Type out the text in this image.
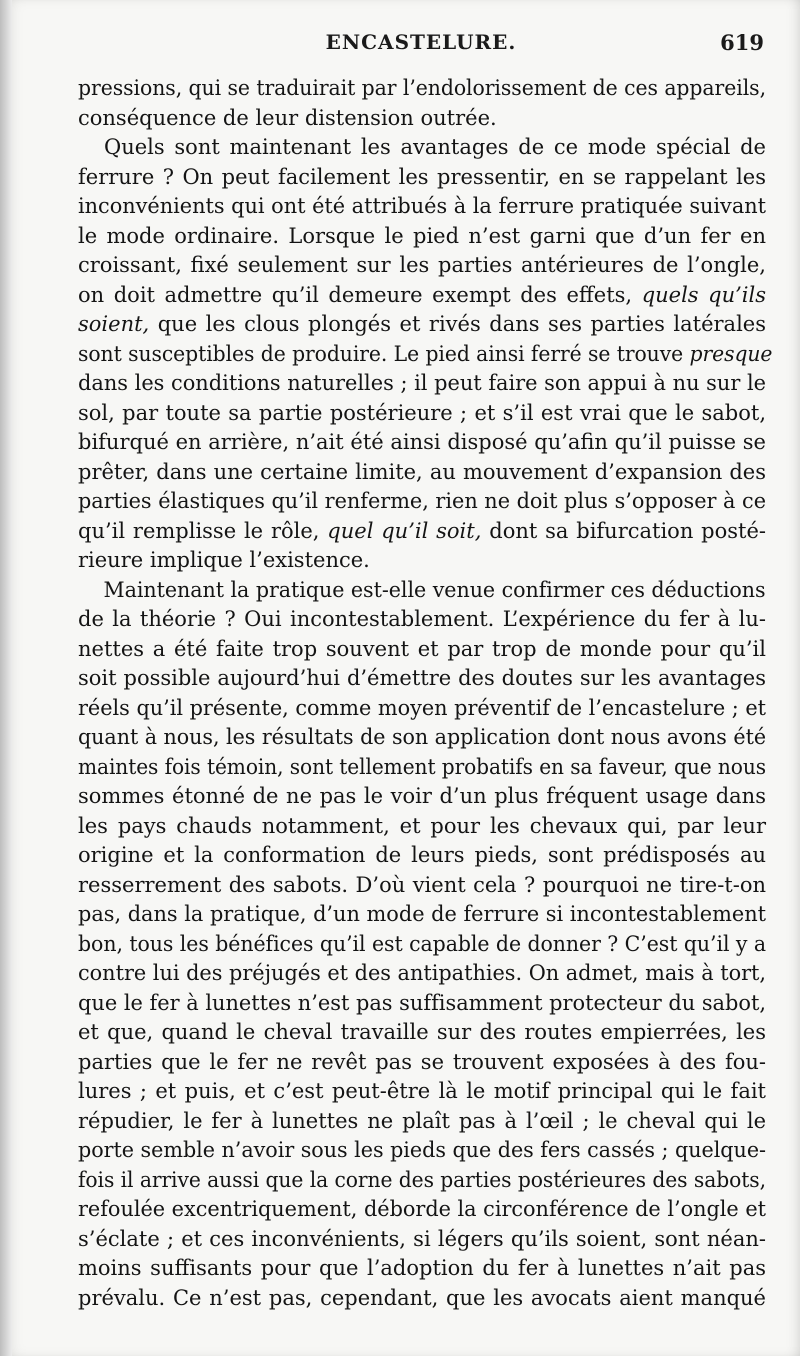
ENCASTELURE.	619
pressions, qui se traduirait par l’endolorissement de ces appareils,
conséquence de leur distension outrée.
Quels sont maintenant les avantages de ce mode spécial de
ferrure ? On peut facilement les pressentir, en se rappelant les
inconvénients qui ont été attribués à la ferrure pratiquée suivant
le mode ordinaire. Lorsque le pied n’est garni que d’un fer en
croissant, fixé seulement sur les parties antérieures de l’ongle,
on doit admettre qu’il demeure exempt des effets, quels qu’ils
soient, que les clous plongés et rivés dans ses parties latérales
sont susceptibles de produire. Le pied ainsi ferré se trouve presque
dans les conditions naturelles ; il peut faire son appui à nu sur le
sol, par toute sa partie postérieure ; et s’il est vrai que le sabot,
bifurqué en arrière, n’ait été ainsi disposé qu’afin qu’il puisse se
prêter, dans une certaine limite, au mouvement d’expansion des
parties élastiques qu’il renferme, rien ne doit plus s’opposer à ce
qu’il remplisse le rôle, quel qu’il soit, dont sa bifurcation posté-
rieure implique l’existence.
Maintenant la pratique est-elle venue confirmer ces déductions
de la théorie ? Oui incontestablement. L’expérience du fer à lu-
nettes a été faite trop souvent et par trop de monde pour qu’il
soit possible aujourd’hui d’émettre des doutes sur les avantages
réels qu’il présente, comme moyen préventif de l’encastelure ; et
quant à nous, les résultats de son application dont nous avons été
maintes fois témoin, sont tellement probatifs en sa faveur, que nous
sommes étonné de ne pas le voir d’un plus fréquent usage dans
les pays chauds notamment, et pour les chevaux qui, par leur
origine et la conformation de leurs pieds, sont prédisposés au
resserrement des sabots. D’où vient cela ? pourquoi ne tire-t-on
pas, dans la pratique, d’un mode de ferrure si incontestablement
bon, tous les bénéfices qu’il est capable de donner ? C’est qu’il y a
contre lui des préjugés et des antipathies. On admet, mais à tort,
que le fer à lunettes n’est pas suffisamment protecteur du sabot,
et que, quand le cheval travaille sur des routes empierrées, les
parties que le fer ne revêt pas se trouvent exposées à des fou-
lures ; et puis, et c’est peut-être là le motif principal qui le fait
répudier, le fer à lunettes ne plaît pas à l’œil ; le cheval qui le
porte semble n’avoir sous les pieds que des fers cassés ; quelque-
fois il arrive aussi que la corne des parties postérieures des sabots,
refoulée excentriquement, déborde la circonférence de l’ongle et
s’éclate ; et ces inconvénients, si légers qu’ils soient, sont néan-
moins suffisants pour que l’adoption du fer à lunettes n’ait pas
prévalu. Ce n’est pas, cependant, que les avocats aient manqué
